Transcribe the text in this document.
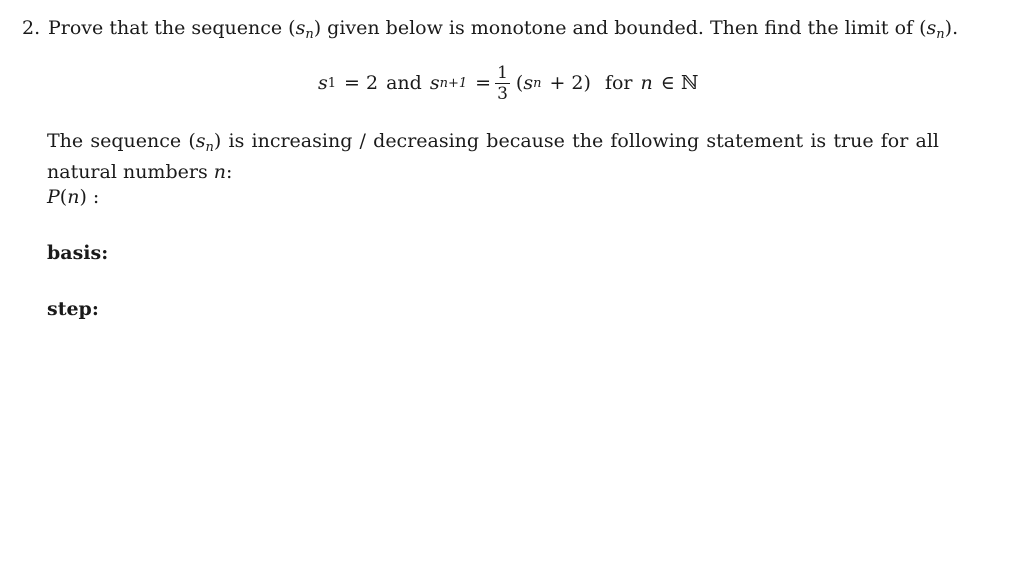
2. Prove that the sequence $(s_n)$ given below is monotone and bounded. Then find the limit of $(s_n)$.
s 1 = 2 and s $n+1 = \frac{1}{3}$ ( s n + 2) for n ∈ ℕ
The sequence $(s_n)$ is increasing / decreasing because the following statement is true for all natural numbers n:
P(n) :
basis:
step:
